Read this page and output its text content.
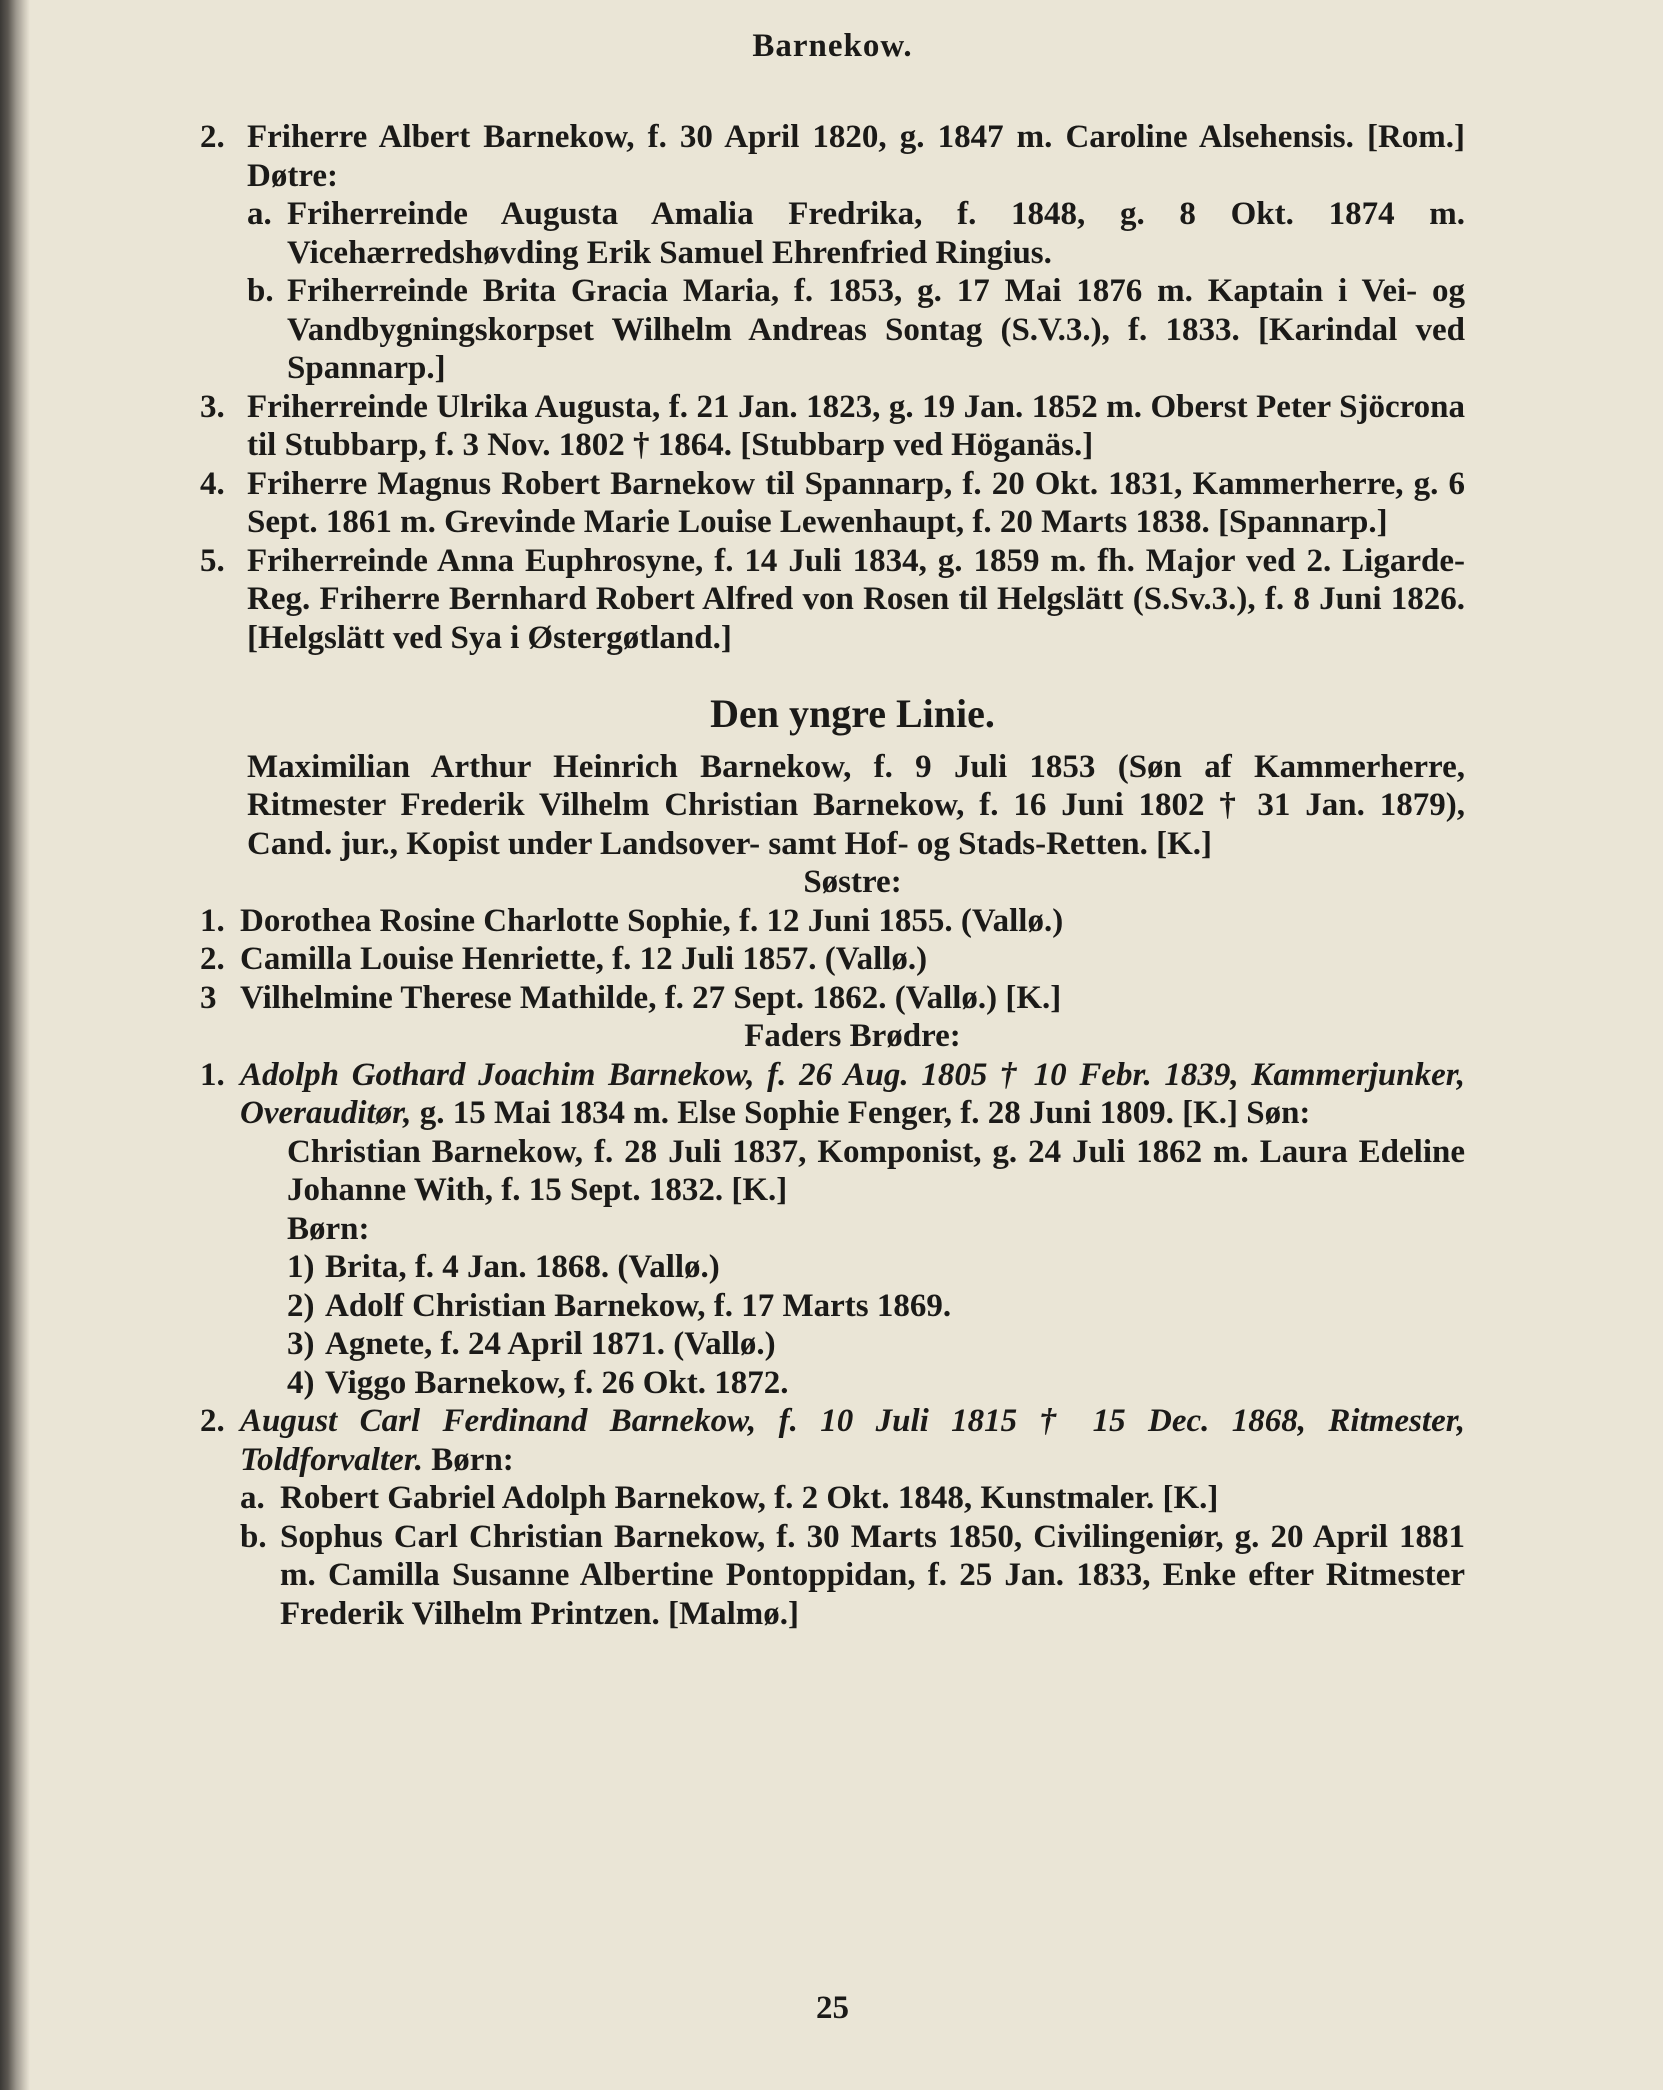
Barnekow.
2. Friherre Albert Barnekow, f. 30 April 1820, g. 1847 m. Caroline Alsehensis. [Rom.] Døtre:
a. Friherreinde Augusta Amalia Fredrika, f. 1848, g. 8 Okt. 1874 m. Vicehærredshøvding Erik Samuel Ehrenfried Ringius.
b. Friherreinde Brita Gracia Maria, f. 1853, g. 17 Mai 1876 m. Kaptain i Vei- og Vandbygningskorpset Wilhelm Andreas Sontag (S.V.3.), f. 1833. [Karindal ved Spannarp.]
3. Friherreinde Ulrika Augusta, f. 21 Jan. 1823, g. 19 Jan. 1852 m. Oberst Peter Sjöcrona til Stubbarp, f. 3 Nov. 1802 † 1864. [Stubbarp ved Höganäs.]
4. Friherre Magnus Robert Barnekow til Spannarp, f. 20 Okt. 1831, Kammerherre, g. 6 Sept. 1861 m. Grevinde Marie Louise Lewenhaupt, f. 20 Marts 1838. [Spannarp.]
5. Friherreinde Anna Euphrosyne, f. 14 Juli 1834, g. 1859 m. fh. Major ved 2. Ligarde-Reg. Friherre Bernhard Robert Alfred von Rosen til Helgslätt (S.Sv.3.), f. 8 Juni 1826. [Helgslätt ved Sya i Østergøtland.]
Den yngre Linie.
Maximilian Arthur Heinrich Barnekow, f. 9 Juli 1853 (Søn af Kammerherre, Ritmester Frederik Vilhelm Christian Barnekow, f. 16 Juni 1802 † 31 Jan. 1879), Cand. jur., Kopist under Landsover- samt Hof- og Stads-Retten. [K.]
Søstre:
1. Dorothea Rosine Charlotte Sophie, f. 12 Juni 1855. (Vallø.)
2. Camilla Louise Henriette, f. 12 Juli 1857. (Vallø.)
3 Vilhelmine Therese Mathilde, f. 27 Sept. 1862. (Vallø.) [K.]
Faders Brødre:
1. Adolph Gothard Joachim Barnekow, f. 26 Aug. 1805 † 10 Febr. 1839, Kammerjunker, Overauditør, g. 15 Mai 1834 m. Else Sophie Fenger, f. 28 Juni 1809. [K.] Søn:
Christian Barnekow, f. 28 Juli 1837, Komponist, g. 24 Juli 1862 m. Laura Edeline Johanne With, f. 15 Sept. 1832. [K.]
Børn:
1) Brita, f. 4 Jan. 1868. (Vallø.)
2) Adolf Christian Barnekow, f. 17 Marts 1869.
3) Agnete, f. 24 April 1871. (Vallø.)
4) Viggo Barnekow, f. 26 Okt. 1872.
2. August Carl Ferdinand Barnekow, f. 10 Juli 1815 † 15 Dec. 1868, Ritmester, Toldforvalter. Børn:
a. Robert Gabriel Adolph Barnekow, f. 2 Okt. 1848, Kunstmaler. [K.]
b. Sophus Carl Christian Barnekow, f. 30 Marts 1850, Civilingeniør, g. 20 April 1881 m. Camilla Susanne Albertine Pontoppidan, f. 25 Jan. 1833, Enke efter Ritmester Frederik Vilhelm Printzen. [Malmø.]
25
